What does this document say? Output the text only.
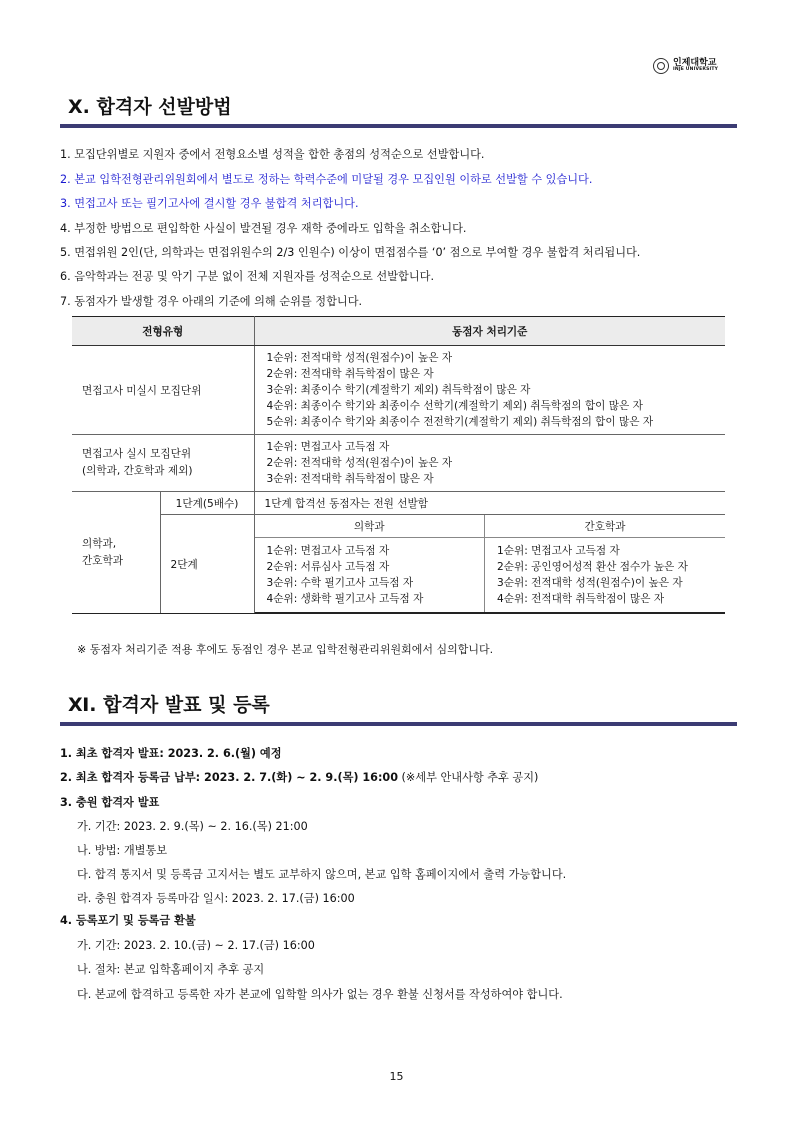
인제대학교
INJE UNIVERSITY
Ⅹ. 합격자 선발방법
1. 모집단위별로 지원자 중에서 전형요소별 성적을 합한 총점의 성적순으로 선발합니다.
2. 본교 입학전형관리위원회에서 별도로 정하는 학력수준에 미달될 경우 모집인원 이하로 선발할 수 있습니다.
3. 면접고사 또는 필기고사에 결시할 경우 불합격 처리합니다.
4. 부정한 방법으로 편입학한 사실이 발견될 경우 재학 중에라도 입학을 취소합니다.
5. 면접위원 2인(단, 의학과는 면접위원수의 2/3 인원수) 이상이 면접점수를 ‘0’ 점으로 부여할 경우 불합격 처리됩니다.
6. 음악학과는 전공 및 악기 구분 없이 전체 지원자를 성적순으로 선발합니다.
7. 동점자가 발생할 경우 아래의 기준에 의해 순위를 정합니다.
전형유형	동점자 처리기준
면접고사 미실시 모집단위	
1순위: 전적대학 성적(원점수)이 높은 자
2순위: 전적대학 취득학점이 많은 자
3순위: 최종이수 학기(계절학기 제외) 취득학점이 많은 자
4순위: 최종이수 학기와 최종이수 선학기(계절학기 제외) 취득학점의 합이 많은 자
5순위: 최종이수 학기와 최종이수 전전학기(계절학기 제외) 취득학점의 합이 많은 자

면접고사 실시 모집단위
(의학과, 간호학과 제외)

1순위: 면접고사 고득점 자
2순위: 전적대학 성적(원점수)이 높은 자
3순위: 전적대학 취득학점이 많은 자

의학과,
간호학과
	1단계(5배수)	1단계 합격선 동점자는 전원 선발함
2단계	
의학과	간호학과

1순위: 면접고사 고득점 자
2순위: 서류심사 고득점 자
3순위: 수학 필기고사 고득점 자
4순위: 생화학 필기고사 고득점 자

1순위: 면접고사 고득점 자
2순위: 공인영어성적 환산 점수가 높은 자
3순위: 전적대학 성적(원점수)이 높은 자
4순위: 전적대학 취득학점이 많은 자
※ 동점자 처리기준 적용 후에도 동점인 경우 본교 입학전형관리위원회에서 심의합니다.
Ⅺ. 합격자 발표 및 등록
1. 최초 합격자 발표: 2023. 2. 6.(월) 예정
2. 최초 합격자 등록금 납부: 2023. 2. 7.(화) ~ 2. 9.(목) 16:00 (※세부 안내사항 추후 공지)
3. 충원 합격자 발표
가. 기간: 2023. 2. 9.(목) ~ 2. 16.(목) 21:00
나. 방법: 개별통보
다. 합격 통지서 및 등록금 고지서는 별도 교부하지 않으며, 본교 입학 홈페이지에서 출력 가능합니다.
라. 충원 합격자 등록마감 일시: 2023. 2. 17.(금) 16:00
4. 등록포기 및 등록금 환불
가. 기간: 2023. 2. 10.(금) ~ 2. 17.(금) 16:00
나. 절차: 본교 입학홈페이지 추후 공지
다. 본교에 합격하고 등록한 자가 본교에 입학할 의사가 없는 경우 환불 신청서를 작성하여야 합니다.
15
